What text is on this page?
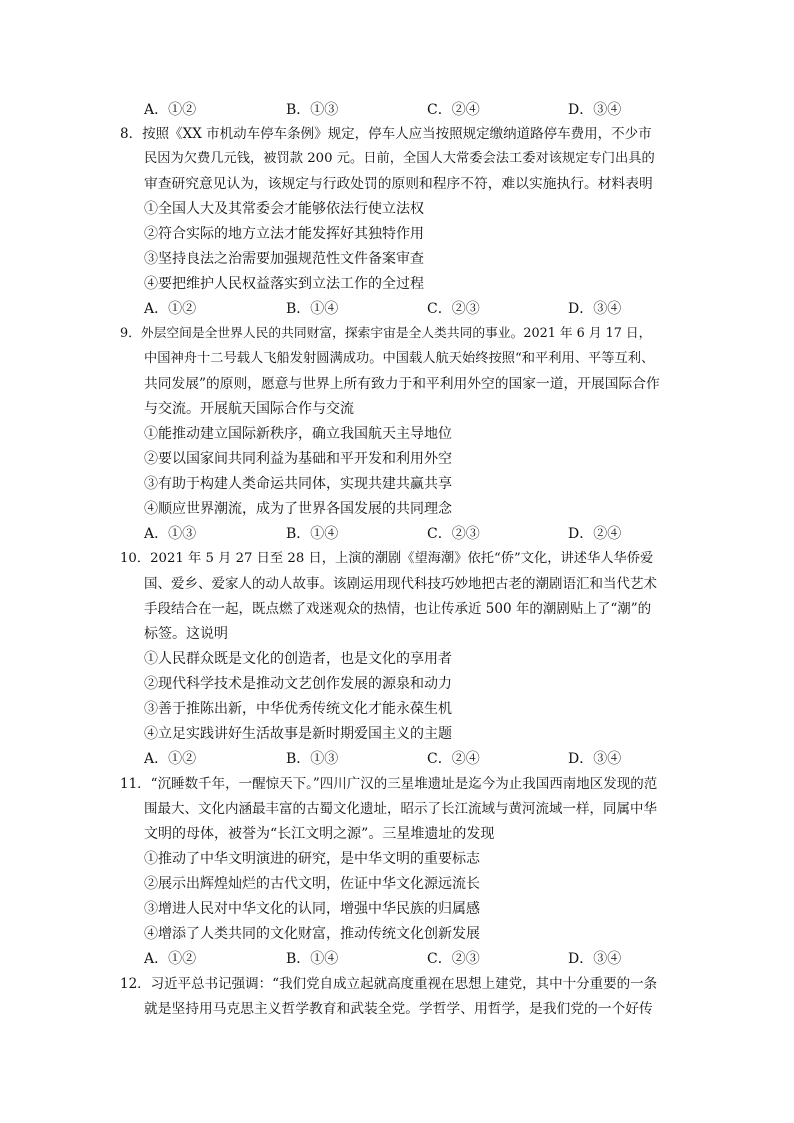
A．①②	B．①③	C．②④	D．③④
8．按照《XX 市机动车停车条例》规定，停车人应当按照规定缴纳道路停车费用，不少市
民因为欠费几元钱，被罚款 200 元。日前，全国人大常委会法工委对该规定专门出具的
审查研究意见认为，该规定与行政处罚的原则和程序不符，难以实施执行。材料表明
①全国人大及其常委会才能够依法行使立法权
②符合实际的地方立法才能发挥好其独特作用
③坚持良法之治需要加强规范性文件备案审查
④要把维护人民权益落实到立法工作的全过程
A．①②	B．①④	C．②③	D．③④
9．外层空间是全世界人民的共同财富，探索宇宙是全人类共同的事业。2021 年 6 月 17 日，
中国神舟十二号载人飞船发射圆满成功。中国载人航天始终按照“和平利用、平等互利、
共同发展”的原则，愿意与世界上所有致力于和平利用外空的国家一道，开展国际合作
与交流。开展航天国际合作与交流
①能推动建立国际新秩序，确立我国航天主导地位
②要以国家间共同利益为基础和平开发和利用外空
③有助于构建人类命运共同体，实现共建共赢共享
④顺应世界潮流，成为了世界各国发展的共同理念
A．①③	B．①④	C．②③	D．②④
10．2021 年 5 月 27 日至 28 日，上演的潮剧《望海潮》依托“侨”文化，讲述华人华侨爱
国、爱乡、爱家人的动人故事。该剧运用现代科技巧妙地把古老的潮剧语汇和当代艺术
手段结合在一起，既点燃了戏迷观众的热情，也让传承近 500 年的潮剧贴上了“潮”的
标签。这说明
①人民群众既是文化的创造者，也是文化的享用者
②现代科学技术是推动文艺创作发展的源泉和动力
③善于推陈出新，中华优秀传统文化才能永葆生机
④立足实践讲好生活故事是新时期爱国主义的主题
A．①②	B．①③	C．②④	D．③④
11．“沉睡数千年，一醒惊天下。”四川广汉的三星堆遗址是迄今为止我国西南地区发现的范
围最大、文化内涵最丰富的古蜀文化遗址，昭示了长江流域与黄河流域一样，同属中华
文明的母体，被誉为“长江文明之源”。三星堆遗址的发现
①推动了中华文明演进的研究，是中华文明的重要标志
②展示出辉煌灿烂的古代文明，佐证中华文化源远流长
③增进人民对中华文化的认同，增强中华民族的归属感
④增添了人类共同的文化财富，推动传统文化创新发展
A．①②	B．①④	C．②③	D．③④
12．习近平总书记强调：“我们党自成立起就高度重视在思想上建党，其中十分重要的一条
就是坚持用马克思主义哲学教育和武装全党。学哲学、用哲学，是我们党的一个好传
